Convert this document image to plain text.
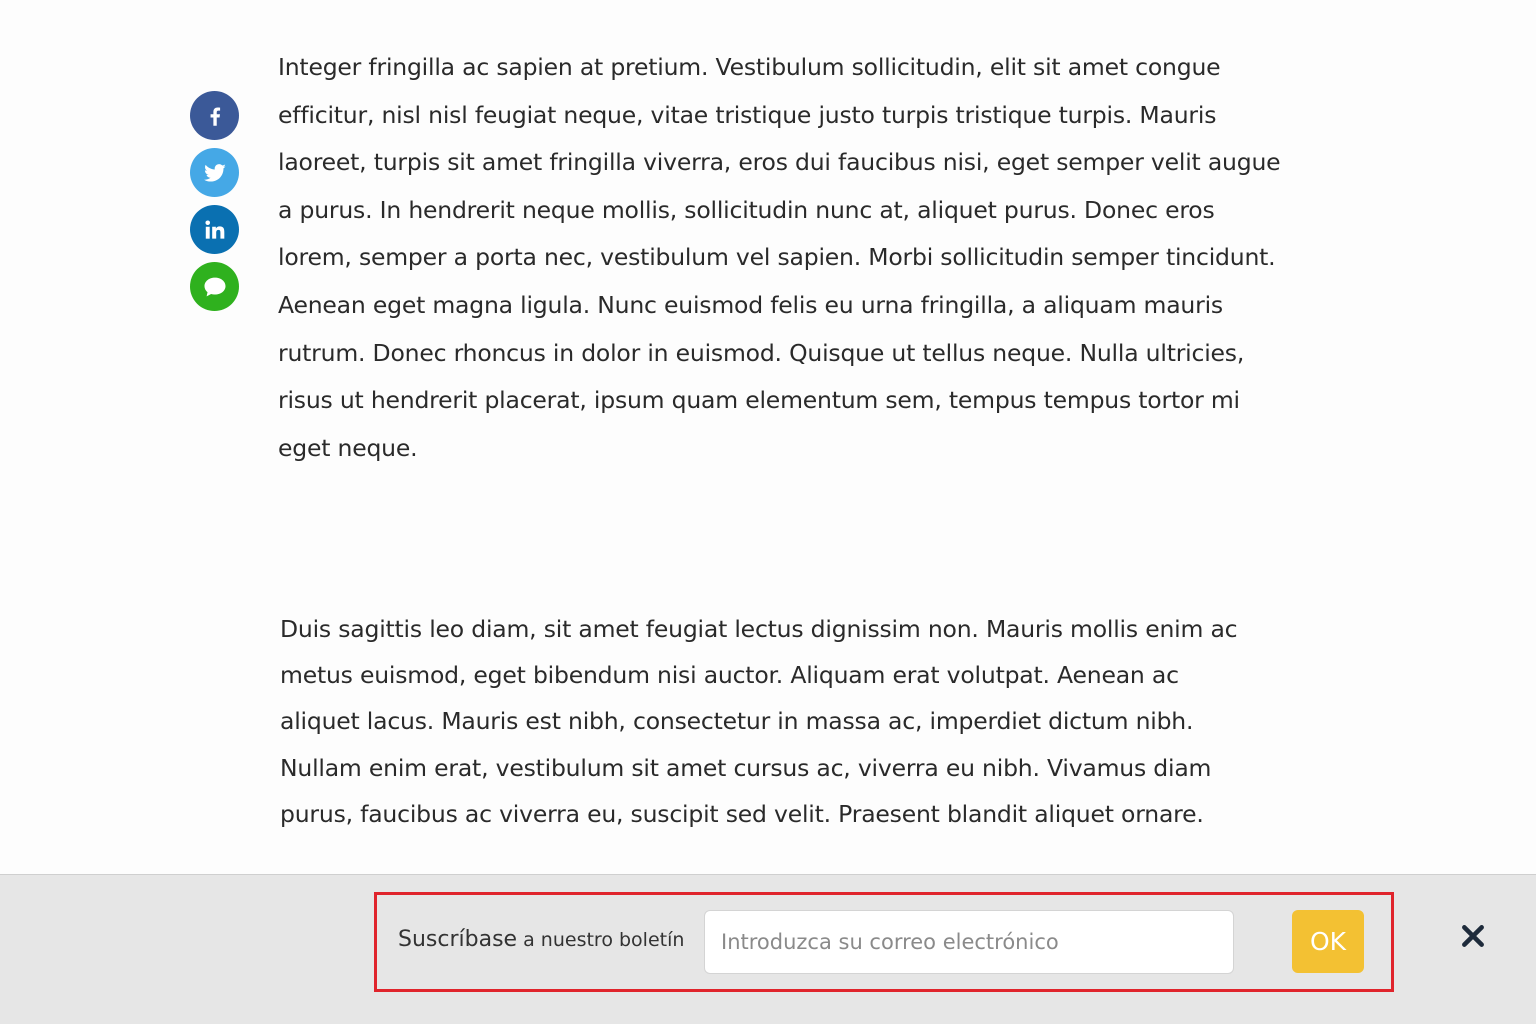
Integer fringilla ac sapien at pretium. Vestibulum sollicitudin, elit sit amet congue efficitur, nisl nisl feugiat neque, vitae tristique justo turpis tristique turpis. Mauris laoreet, turpis sit amet fringilla viverra, eros dui faucibus nisi, eget semper velit augue a purus. In hendrerit neque mollis, sollicitudin nunc at, aliquet purus. Donec eros lorem, semper a porta nec, vestibulum vel sapien. Morbi sollicitudin semper tincidunt. Aenean eget magna ligula. Nunc euismod felis eu urna fringilla, a aliquam mauris rutrum. Donec rhoncus in dolor in euismod. Quisque ut tellus neque. Nulla ultricies, risus ut hendrerit placerat, ipsum quam elementum sem, tempus tempus tortor mi eget neque.

Duis sagittis leo diam, sit amet feugiat lectus dignissim non. Mauris mollis enim ac metus euismod, eget bibendum nisi auctor. Aliquam erat volutpat. Aenean ac aliquet lacus. Mauris est nibh, consectetur in massa ac, imperdiet dictum nibh. Nullam enim erat, vestibulum sit amet cursus ac, viverra eu nibh. Vivamus diam purus, faucibus ac viverra eu, suscipit sed velit. Praesent blandit aliquet ornare.

Suscríbase a nuestro boletín
Introduzca su correo electrónico	OK
